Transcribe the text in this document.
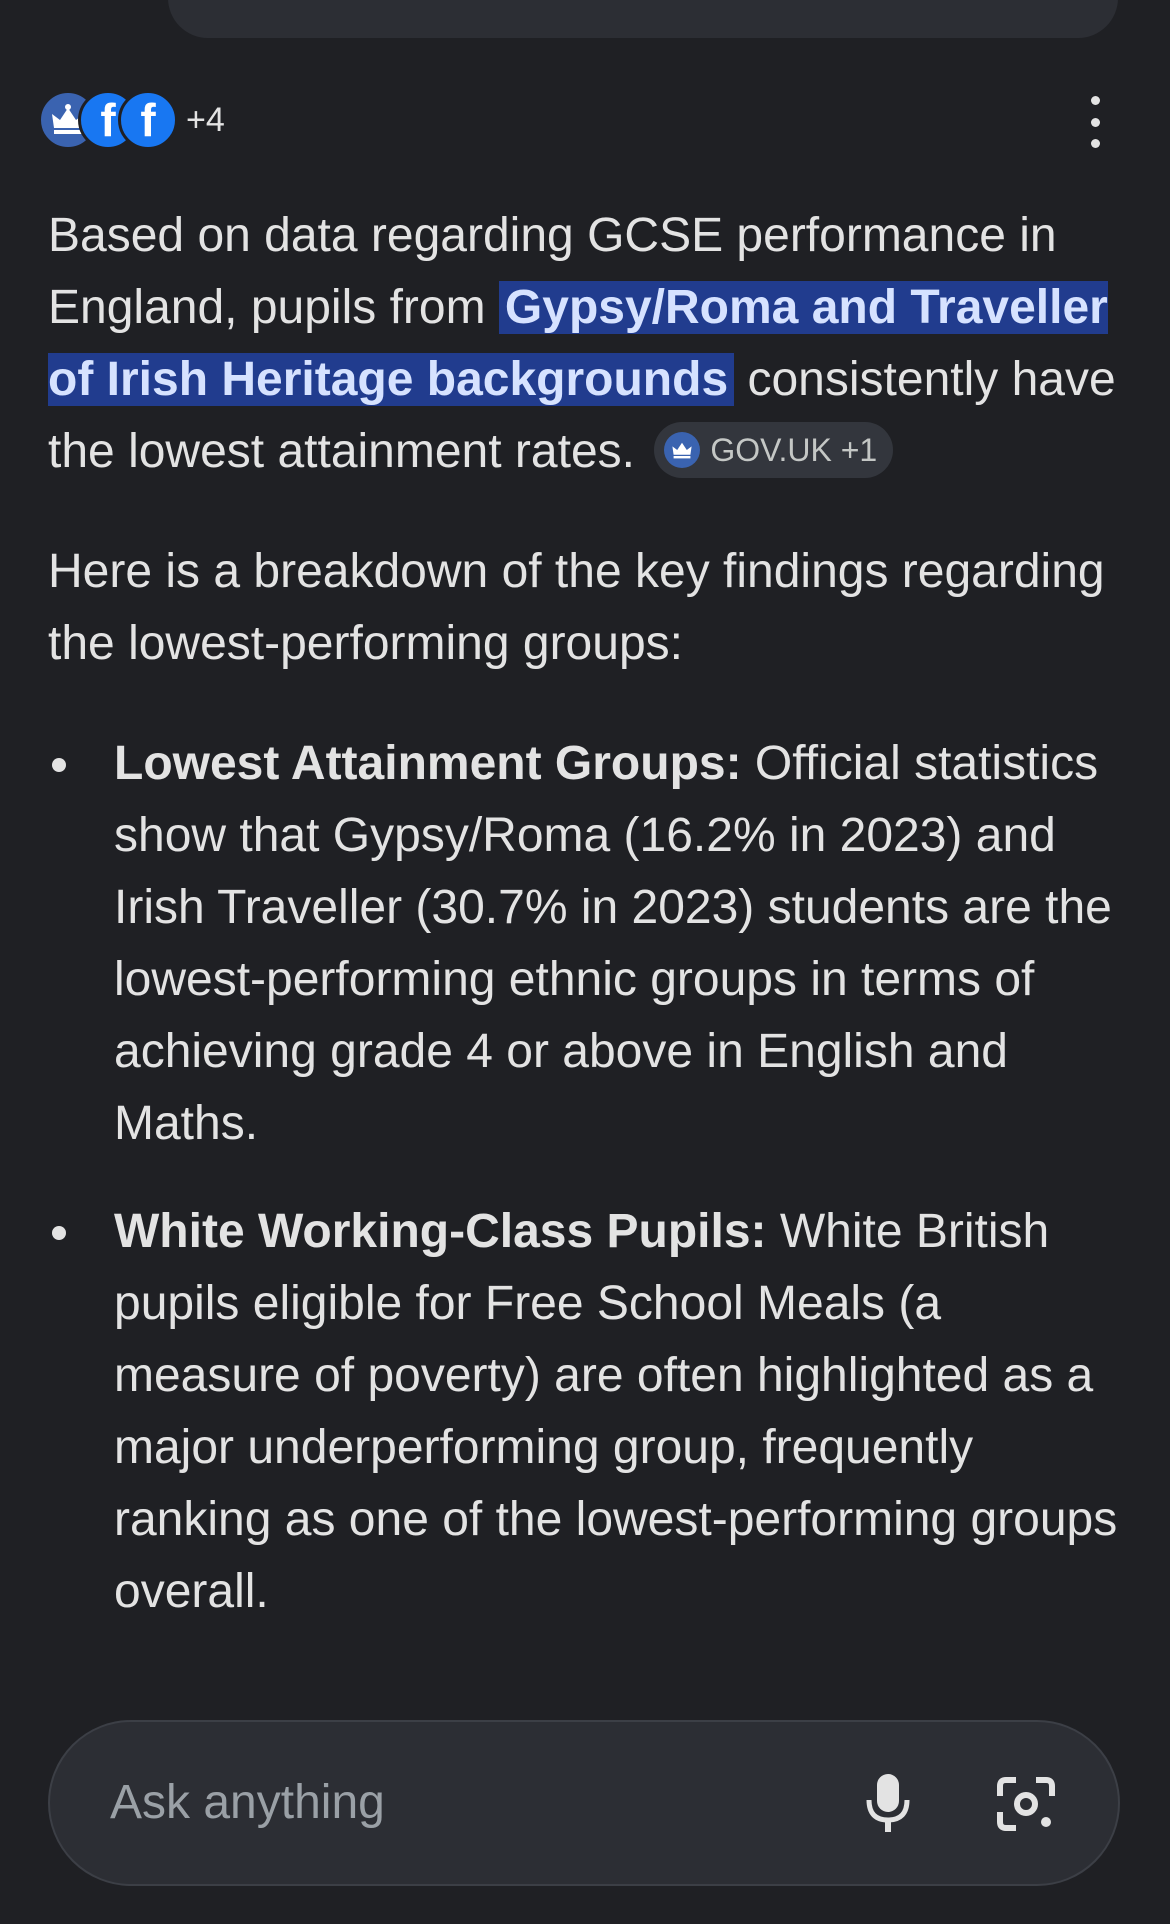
f f +4

Based on data regarding GCSE performance in England, pupils from Gypsy/Roma and Traveller of Irish Heritage backgrounds consistently have the lowest attainment rates. GOV.UK +1

Here is a breakdown of the key findings regarding the lowest-performing groups:

Lowest Attainment Groups: Official statistics show that Gypsy/Roma (16.2% in 2023) and Irish Traveller (30.7% in 2023) students are the lowest-performing ethnic groups in terms of achieving grade 4 or above in English and Maths.
White Working-Class Pupils: White British pupils eligible for Free School Meals (a measure of poverty) are often highlighted as a major underperforming group, frequently ranking as one of the lowest-performing groups overall.
Ask anything
